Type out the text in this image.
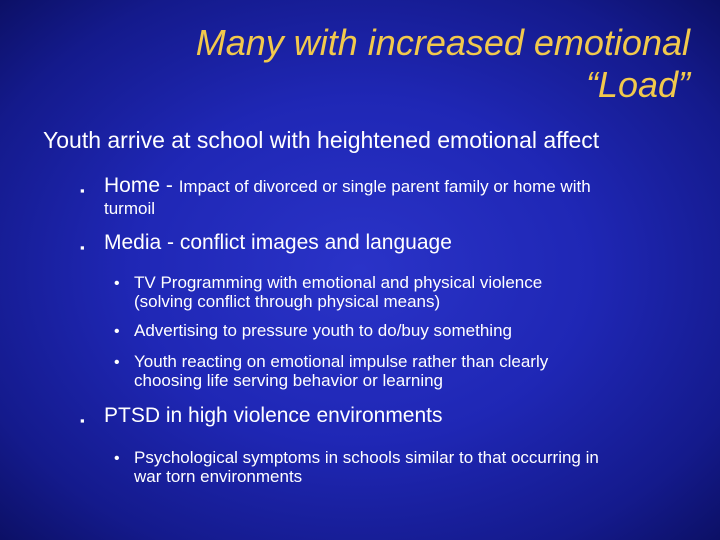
Many with increased emotional
“Load”
Youth arrive at school with heightened emotional affect
▪ Home - Impact of divorced or single parent family or home with
turmoil
▪ Media - conflict images and language
• TV Programming with emotional and physical violence
(solving conflict through physical means)
• Advertising to pressure youth to do/buy something
• Youth reacting on emotional impulse rather than clearly
choosing life serving behavior or learning
▪ PTSD in high violence environments
• Psychological symptoms in schools similar to that occurring in
war torn environments
